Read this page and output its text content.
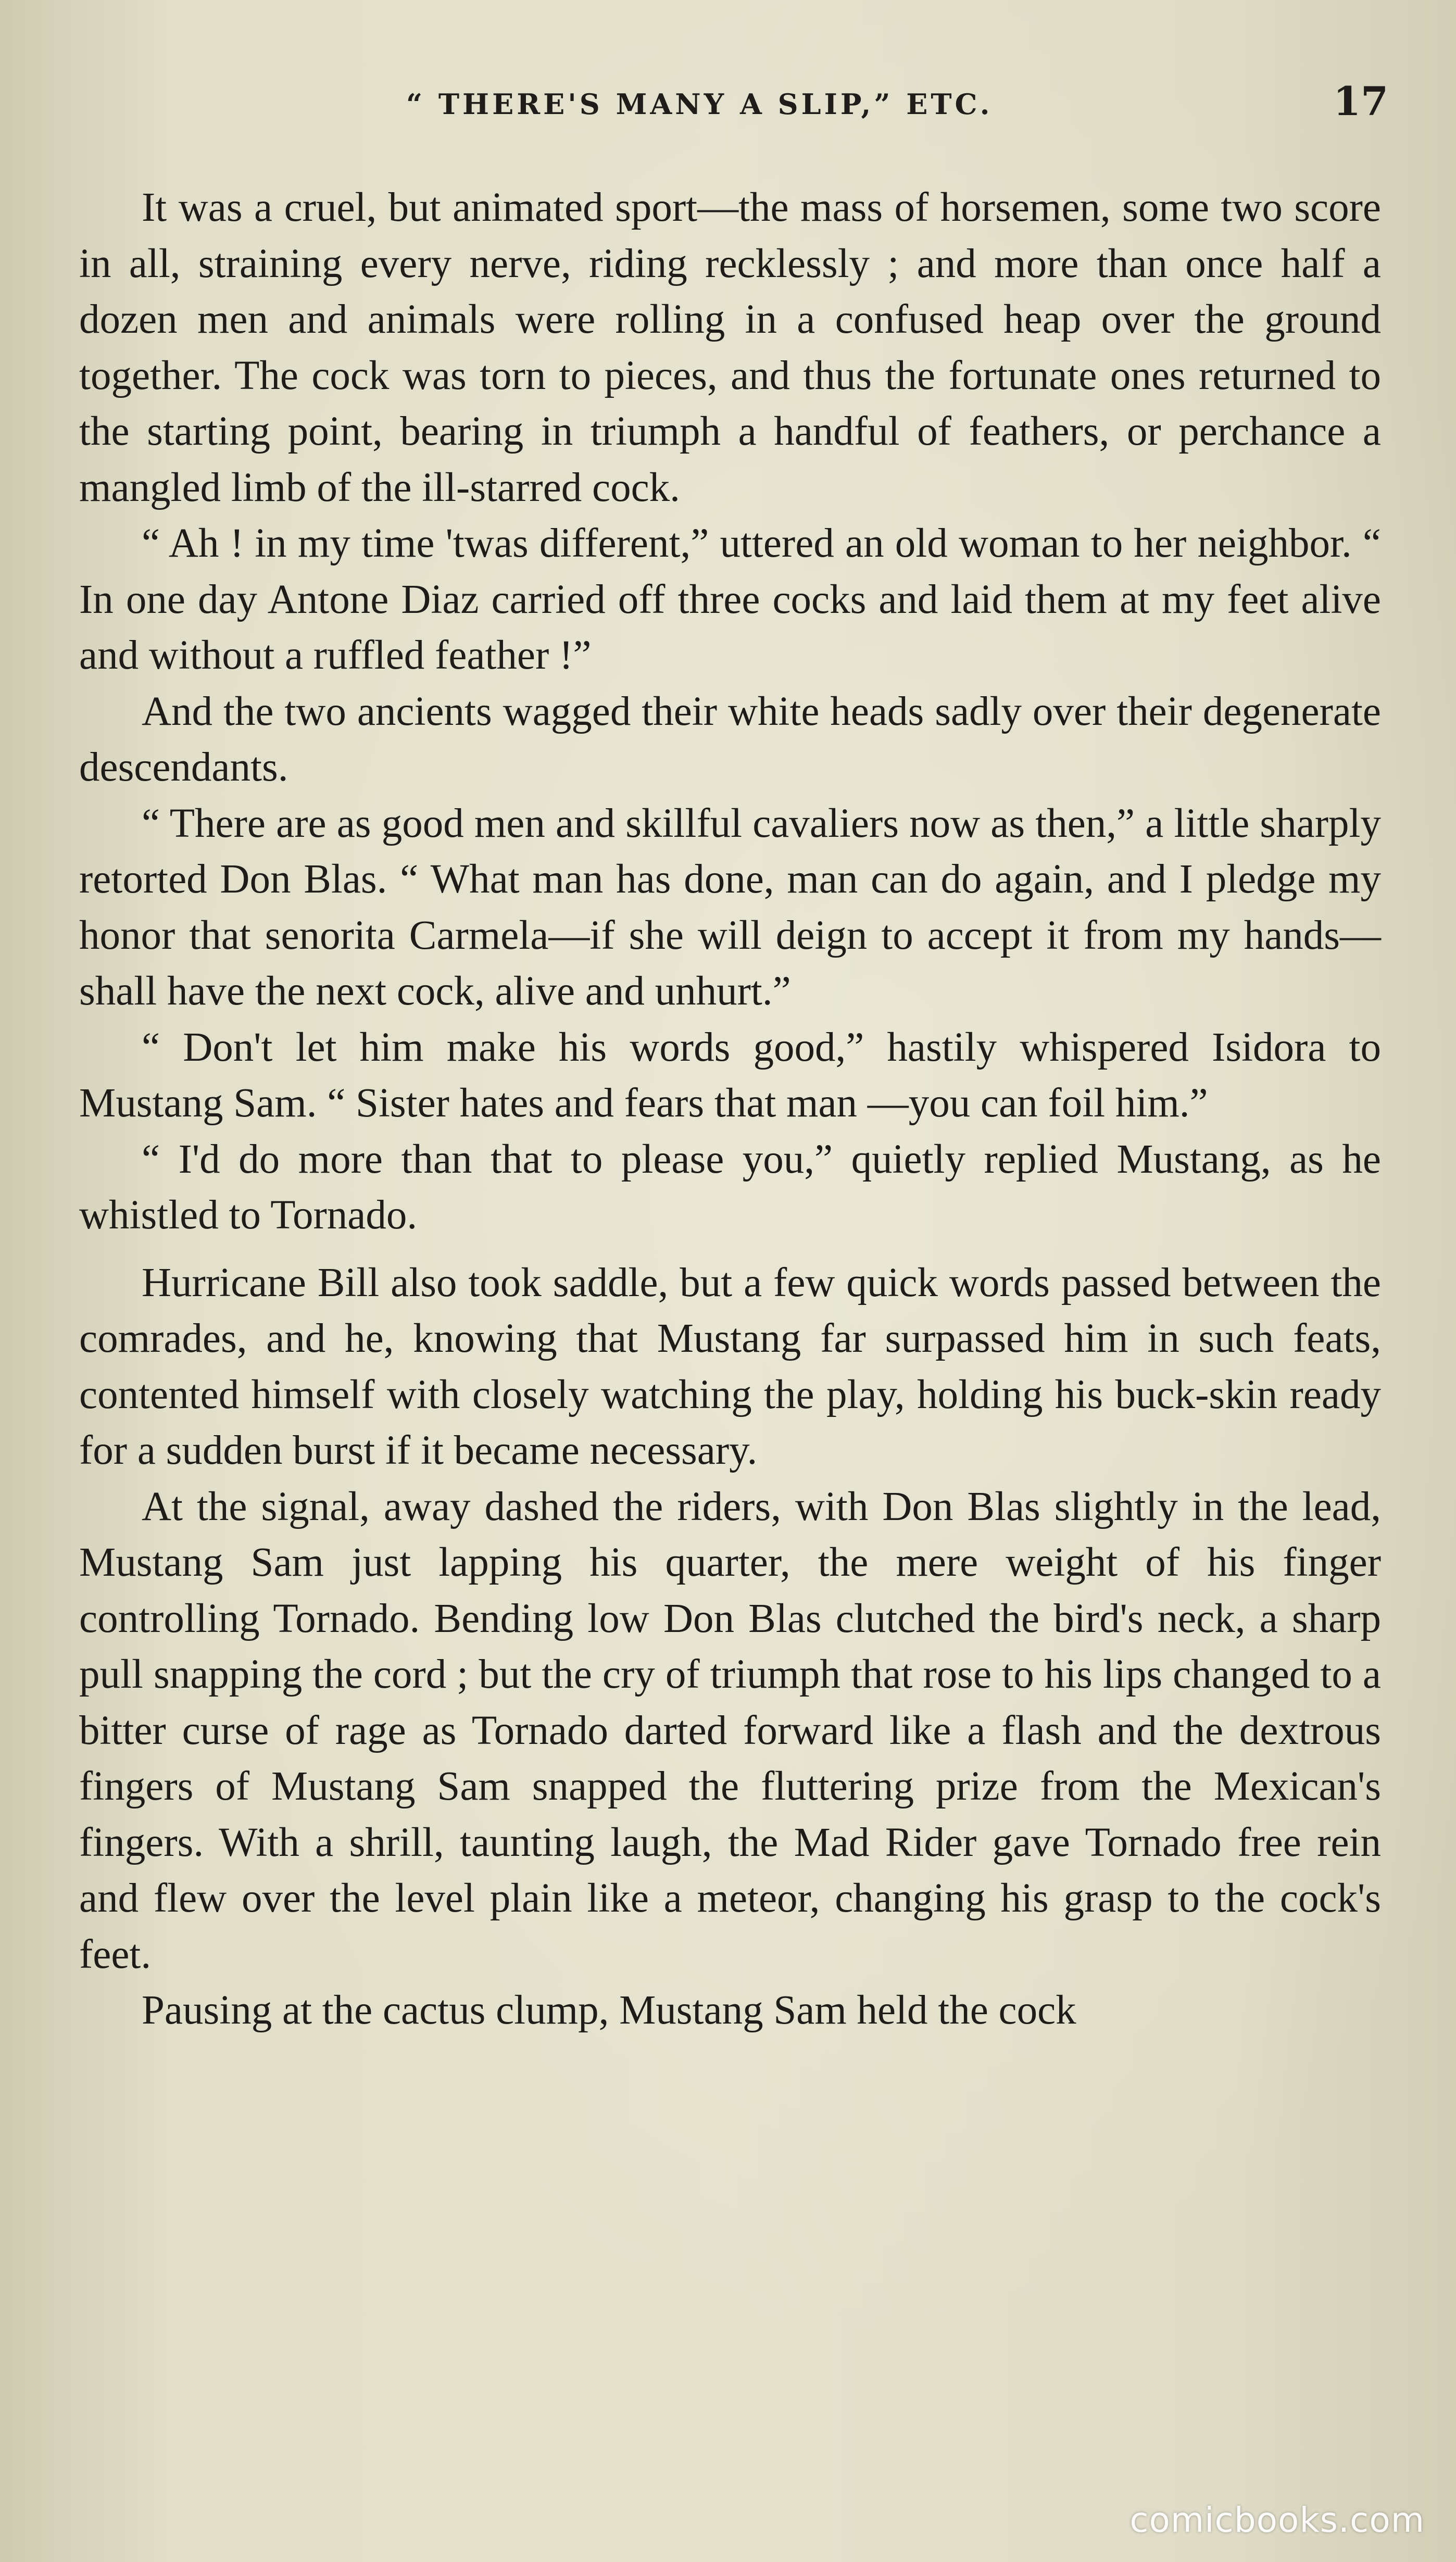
“ THERE'S MANY A SLIP,” ETC.	17

It was a cruel, but animated sport—the mass of horsemen, some two score in all, straining every nerve, riding recklessly ; and more than once half a dozen men and animals were rolling in a confused heap over the ground together. The cock was torn to pieces, and thus the fortunate ones returned to the starting point, bearing in triumph a handful of feathers, or perchance a mangled limb of the ill-starred cock.

“ Ah ! in my time 'twas different,” uttered an old woman to her neighbor. “ In one day Antone Diaz carried off three cocks and laid them at my feet alive and without a ruffled feather !”

And the two ancients wagged their white heads sadly over their degenerate descendants.

“ There are as good men and skillful cavaliers now as then,” a little sharply retorted Don Blas. “ What man has done, man can do again, and I pledge my honor that senorita Carmela—if she will deign to accept it from my hands—shall have the next cock, alive and unhurt.”

“ Don't let him make his words good,” hastily whispered Isidora to Mustang Sam. “ Sister hates and fears that man —you can foil him.”

“ I'd do more than that to please you,” quietly replied Mustang, as he whistled to Tornado.

Hurricane Bill also took saddle, but a few quick words passed between the comrades, and he, knowing that Mustang far surpassed him in such feats, contented himself with closely watching the play, holding his buck-skin ready for a sudden burst if it became necessary.

At the signal, away dashed the riders, with Don Blas slightly in the lead, Mustang Sam just lapping his quarter, the mere weight of his finger controlling Tornado. Bending low Don Blas clutched the bird's neck, a sharp pull snapping the cord ; but the cry of triumph that rose to his lips changed to a bitter curse of rage as Tornado darted forward like a flash and the dextrous fingers of Mustang Sam snapped the fluttering prize from the Mexican's fingers. With a shrill, taunting laugh, the Mad Rider gave Tornado free rein and flew over the level plain like a meteor, changing his grasp to the cock's feet.

Pausing at the cactus clump, Mustang Sam held the cock

comicbooks.com
